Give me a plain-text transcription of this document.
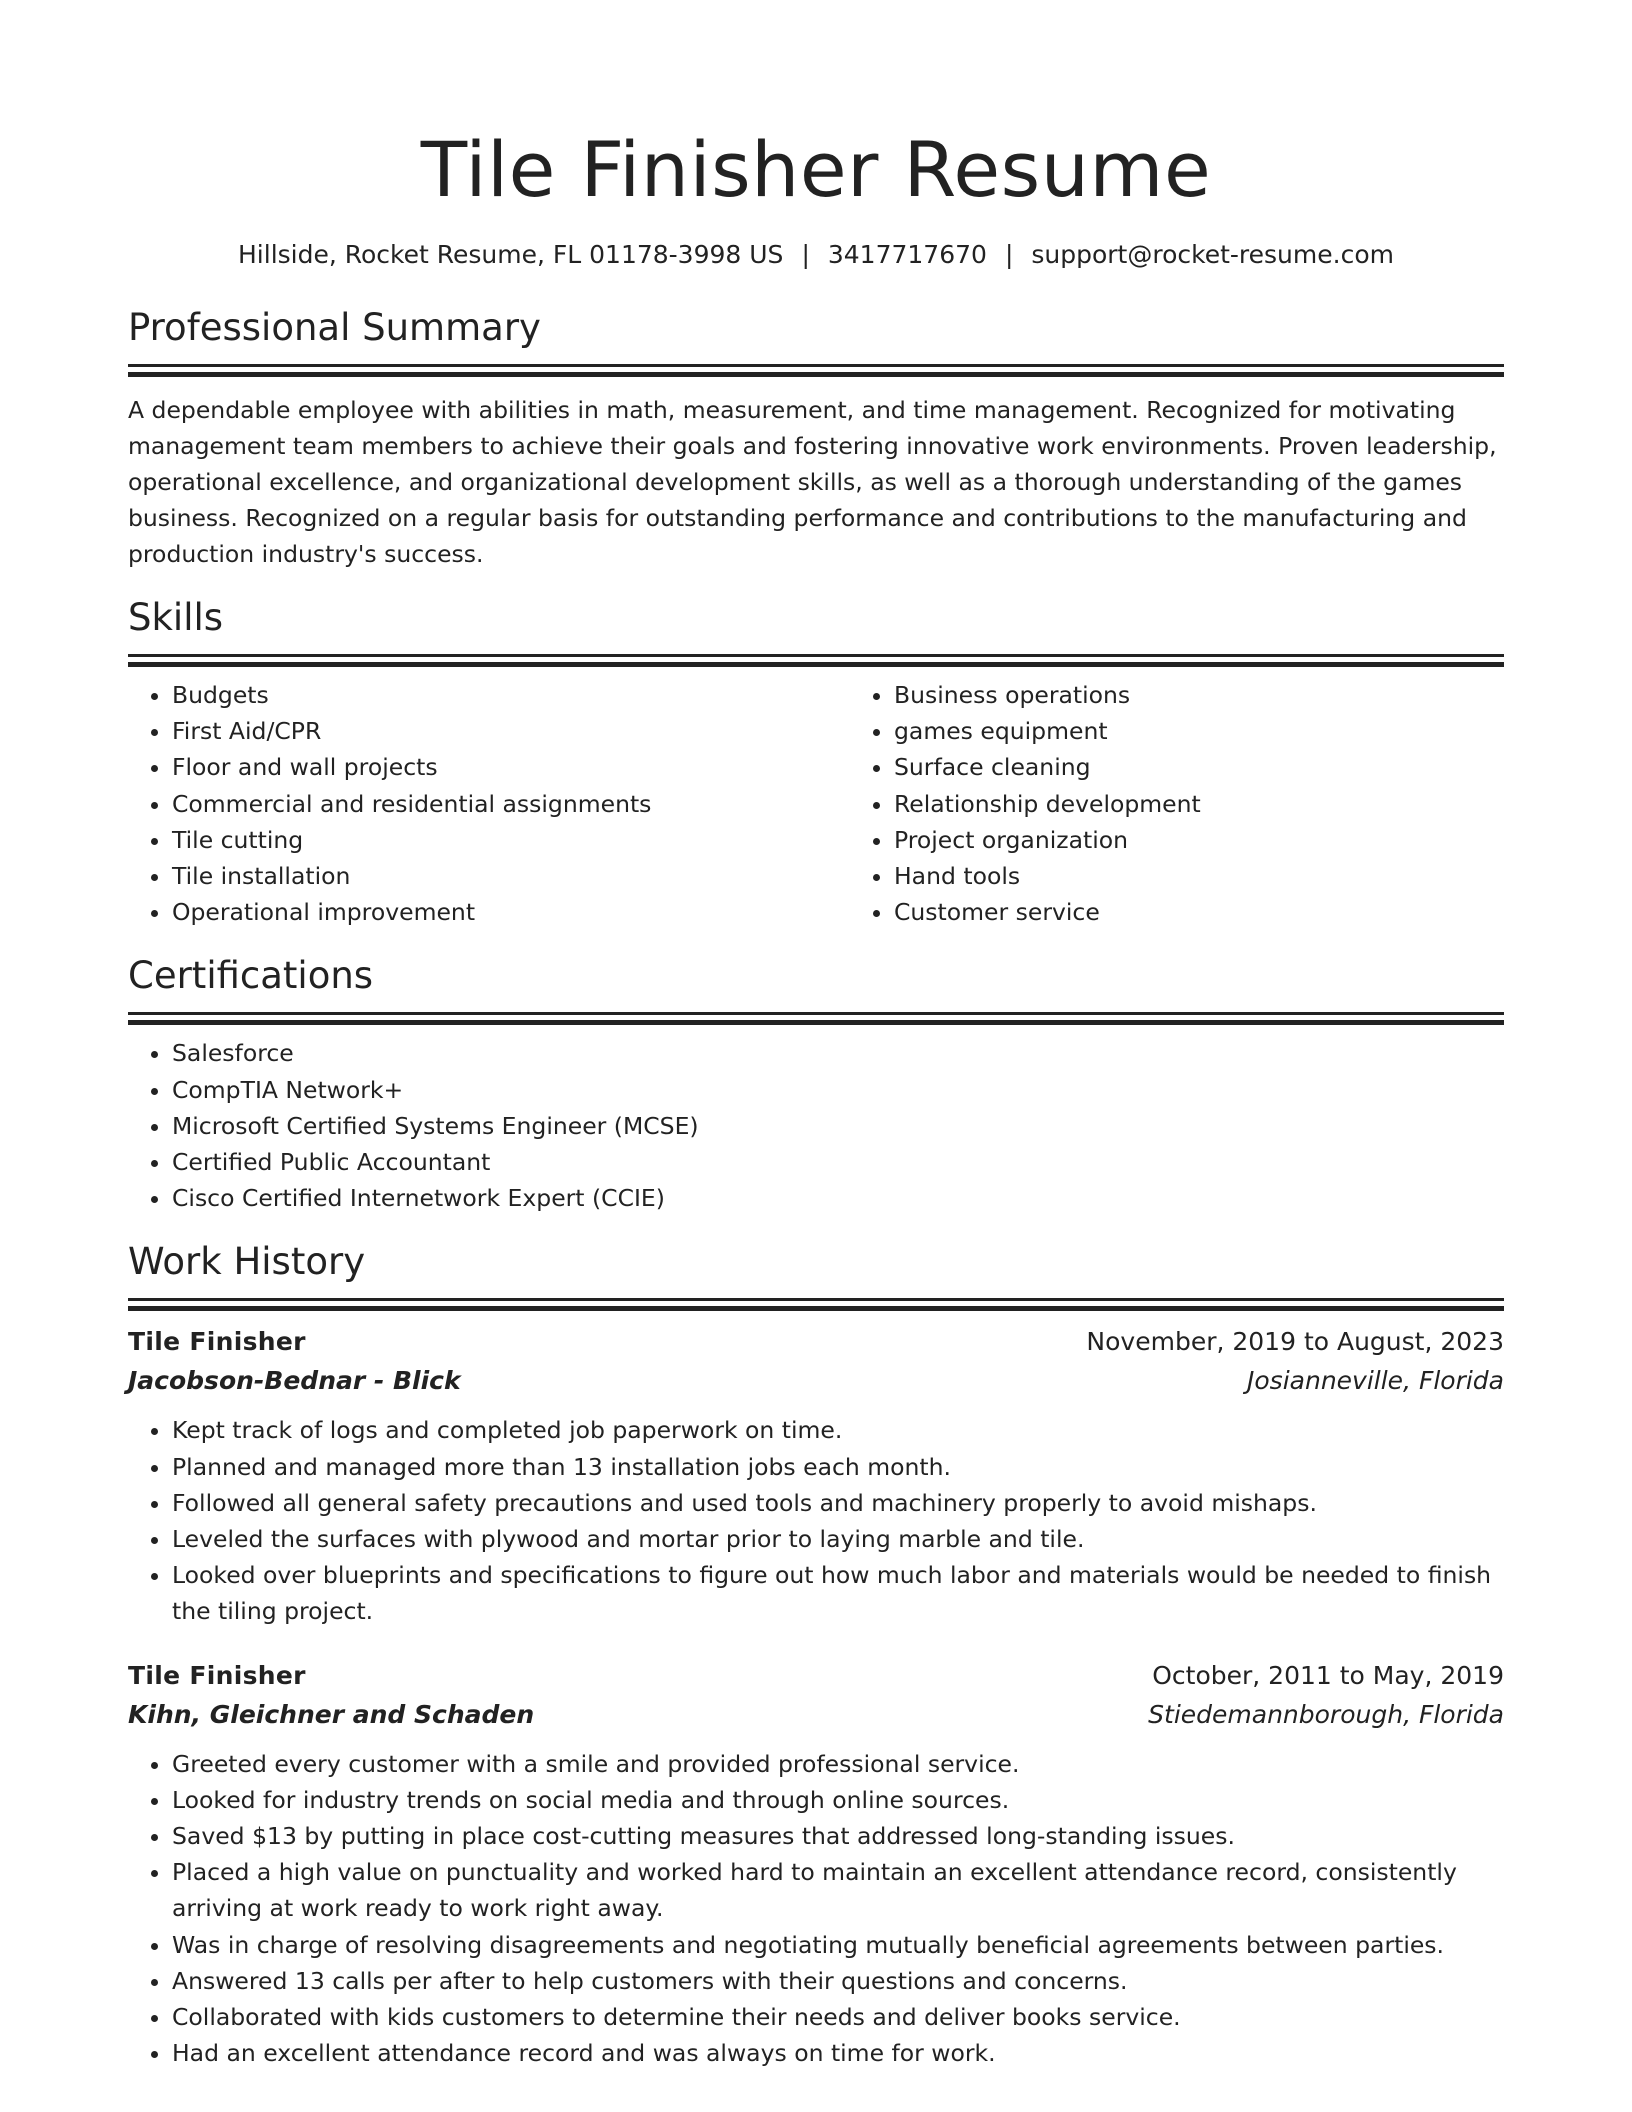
Tile Finisher Resume
Hillside, Rocket Resume, FL 01178-3998 US | 3417717670 | support@rocket-resume.com
Professional Summary

A dependable employee with abilities in math, measurement, and time management. Recognized for motivating management team members to achieve their goals and fostering innovative work environments. Proven leadership, operational excellence, and organizational development skills, as well as a thorough understanding of the games business. Recognized on a regular basis for outstanding performance and contributions to the manufacturing and production industry's success.

Skills
• Budgets
• First Aid/CPR
• Floor and wall projects
• Commercial and residential assignments
• Tile cutting
• Tile installation
• Operational improvement
• Business operations
• games equipment
• Surface cleaning
• Relationship development
• Project organization
• Hand tools
• Customer service
Certifications
• Salesforce
• CompTIA Network+
• Microsoft Certified Systems Engineer (MCSE)
• Certified Public Accountant
• Cisco Certified Internetwork Expert (CCIE)
Work History
Tile Finisher	November, 2019 to August, 2023
Jacobson-Bednar - Blick	Josianneville, Florida
• Kept track of logs and completed job paperwork on time.
• Planned and managed more than 13 installation jobs each month.
• Followed all general safety precautions and used tools and machinery properly to avoid mishaps.
• Leveled the surfaces with plywood and mortar prior to laying marble and tile.
• Looked over blueprints and specifications to figure out how much labor and materials would be needed to finish the tiling project.
Tile Finisher	October, 2011 to May, 2019
Kihn, Gleichner and Schaden	Stiedemannborough, Florida
• Greeted every customer with a smile and provided professional service.
• Looked for industry trends on social media and through online sources.
• Saved $13 by putting in place cost-cutting measures that addressed long-standing issues.
• Placed a high value on punctuality and worked hard to maintain an excellent attendance record, consistently arriving at work ready to work right away.
• Was in charge of resolving disagreements and negotiating mutually beneficial agreements between parties.
• Answered 13 calls per after to help customers with their questions and concerns.
• Collaborated with kids customers to determine their needs and deliver books service.
• Had an excellent attendance record and was always on time for work.
